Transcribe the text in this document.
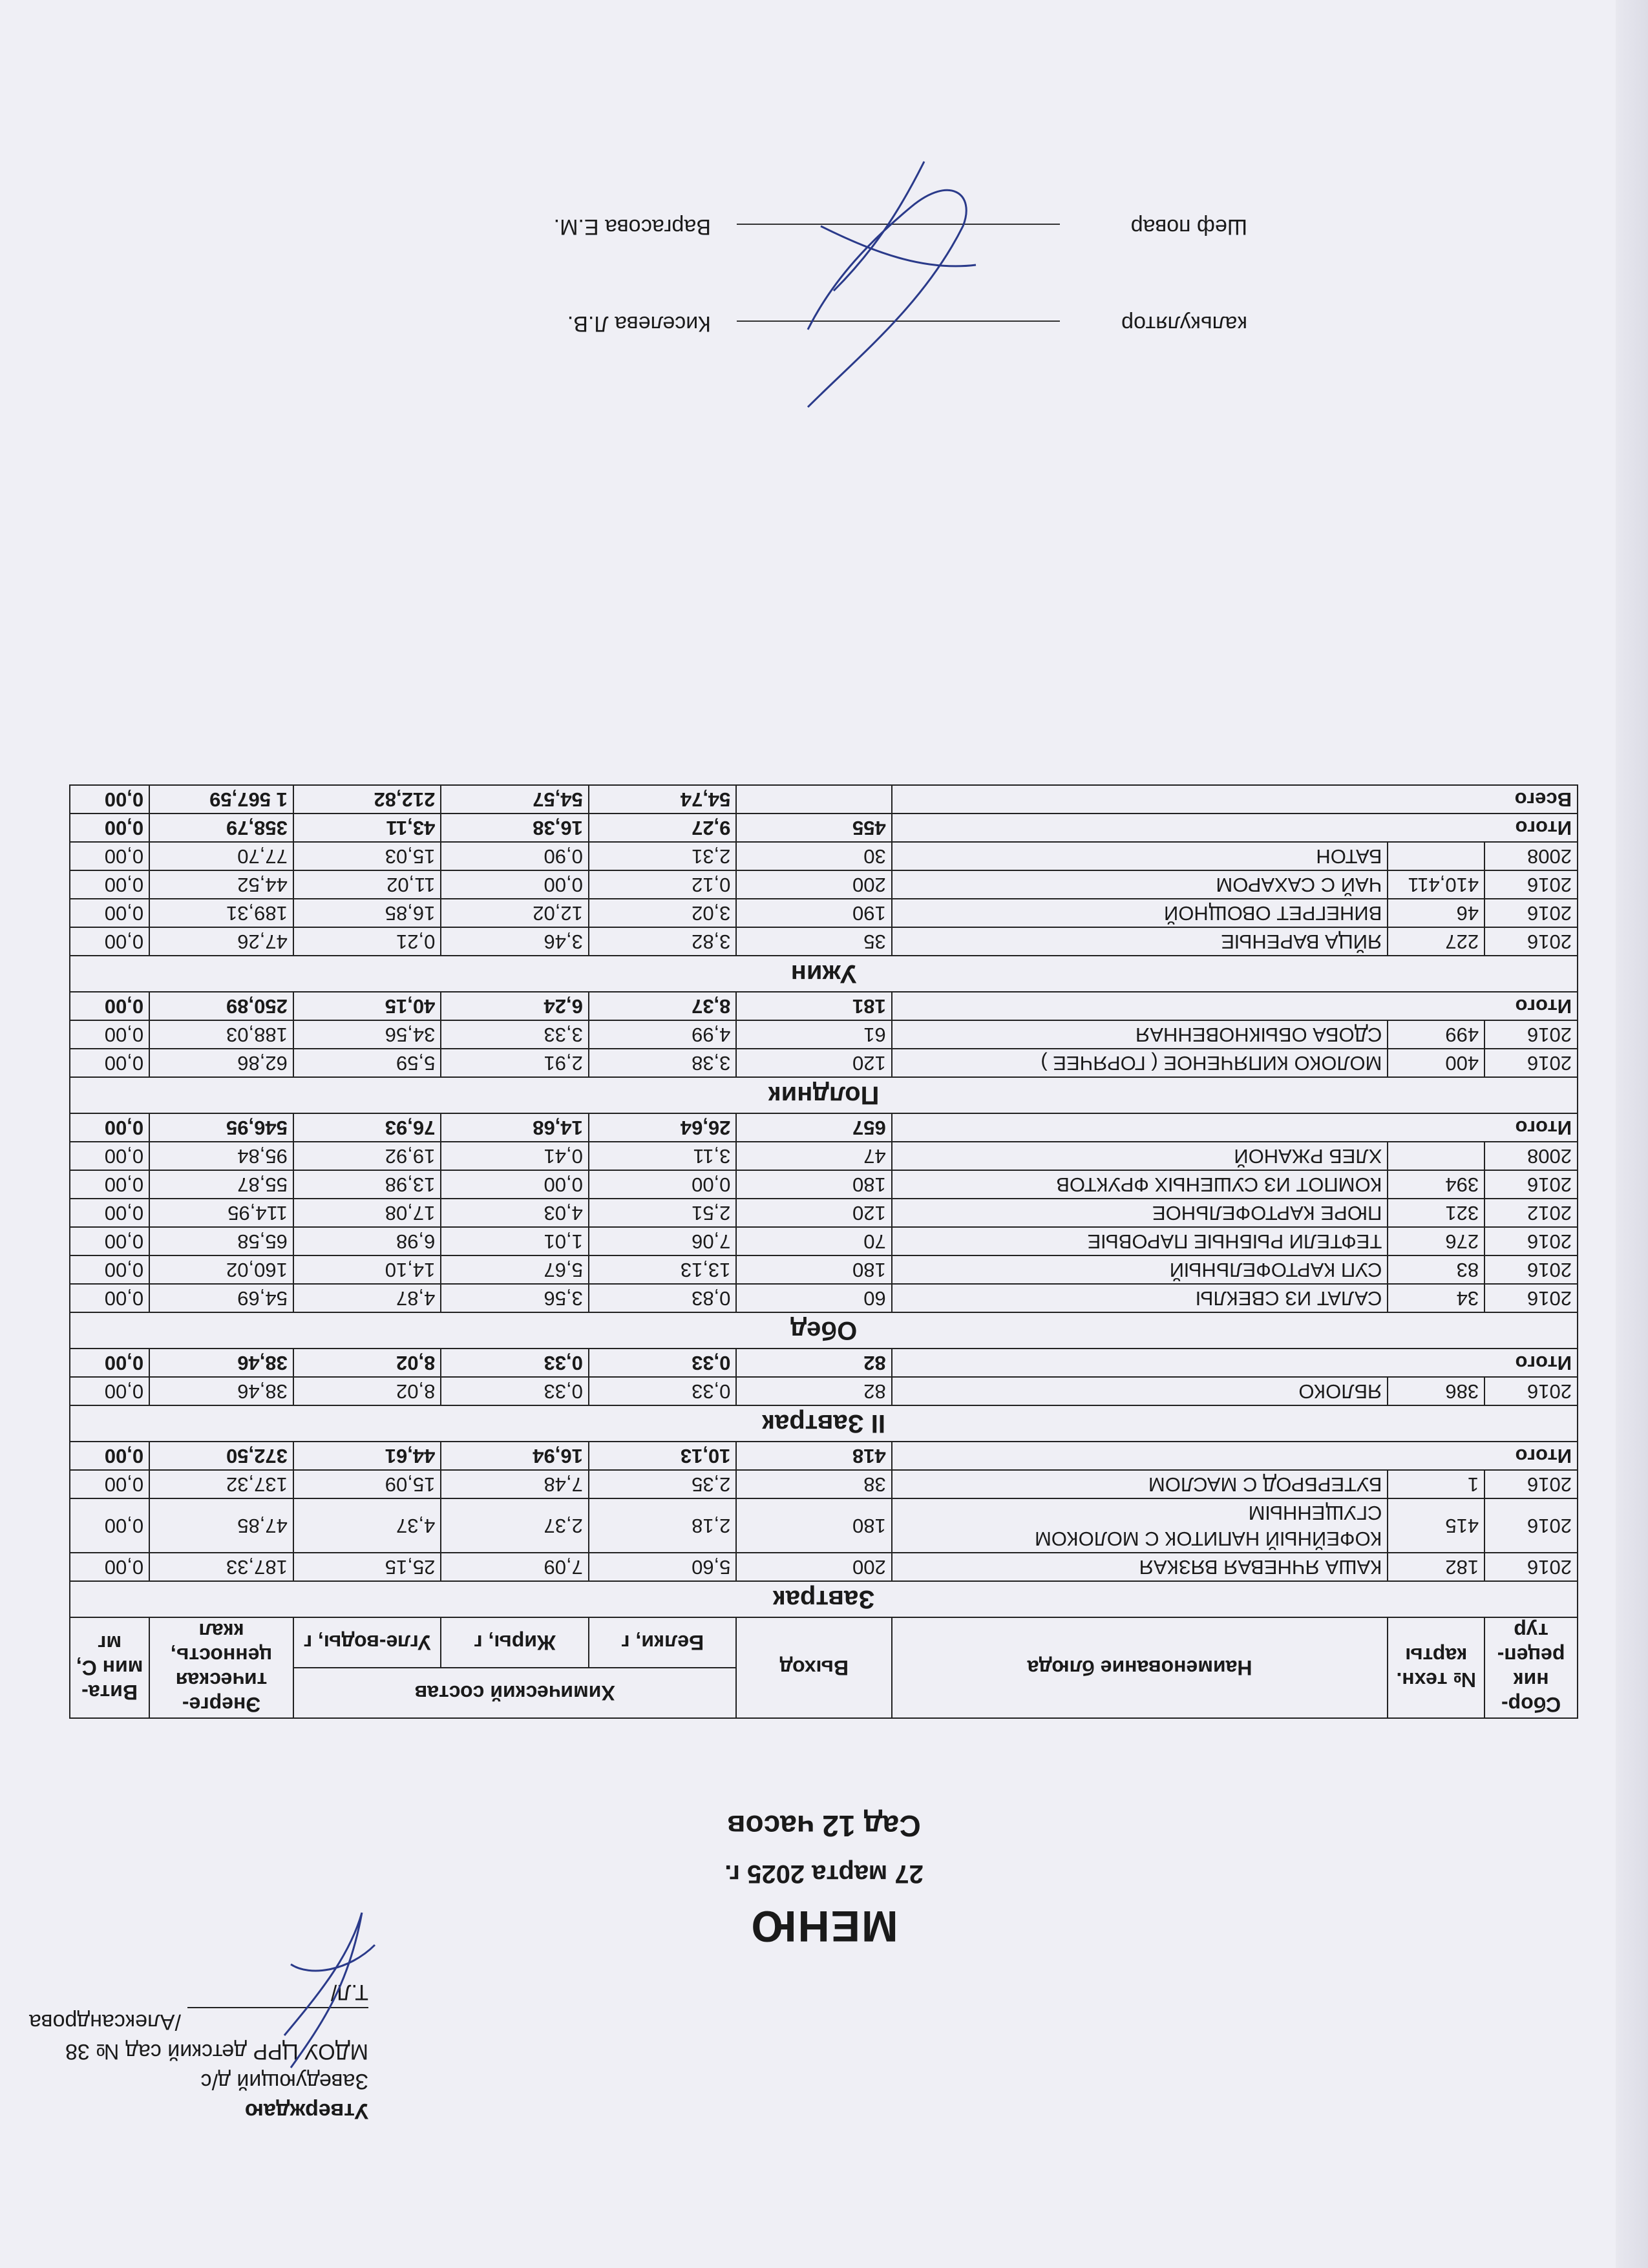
Утверждаю
Заведующий д/с
МДОУ ЦРР детский сад № 38
/Александрова Т.Л/
МЕНЮ
27 марта 2025 г.
Сад 12 часов
Сбор-ник рецеп-тур	№ техн. карты	Наименование блюда	Выход	Химический состав			Энерге-тическая ценность, ккал	Вита-мин С, мг
				Белки, г	Жиры, г	Угле-воды, г		
Завтрак								
2016	182	КАША ЯЧНЕВАЯ ВЯЗКАЯ	200	5,60	7,09	25,15	187,33	0,00
2016	415	КОФЕЙНЫЙ НАПИТОК С МОЛОКОМ СГУЩЕННЫМ	180	2,18	2,37	4,37	47,85	0,00
2016	1	БУТЕРБРОД С МАСЛОМ	38	2,35	7,48	15,09	137,32	0,00
Итого			418	10,13	16,94	44,61	372,50	0,00
II Завтрак								
2016	386	ЯБЛОКО	82	0,33	0,33	8,02	38,46	0,00
Итого			82	0,33	0,33	8,02	38,46	0,00
Обед								
2016	34	САЛАТ ИЗ СВЕКЛЫ	60	0,83	3,56	4,87	54,69	0,00
2016	83	СУП КАРТОФЕЛЬНЫЙ	180	13,13	5,67	14,10	160,02	0,00
2016	276	ТЕФТЕЛИ РЫБНЫЕ ПАРОВЫЕ	70	7,06	1,01	6,98	65,58	0,00
2012	321	ПЮРЕ КАРТОФЕЛЬНОЕ	120	2,51	4,03	17,08	114,95	0,00
2016	394	КОМПОТ ИЗ СУШЕНЫХ ФРУКТОВ	180	0,00	0,00	13,98	55,87	0,00
2008		ХЛЕБ РЖАНОЙ	47	3,11	0,41	19,92	95,84	0,00
Итого			657	26,64	14,68	76,93	546,95	0,00
Полдник								
2016	400	МОЛОКО КИПЯЧЕНОЕ ( ГОРЯЧЕЕ )	120	3,38	2,91	5,59	62,86	0,00
2016	499	СДОБА ОБЫКНОВЕННАЯ	61	4,99	3,33	34,56	188,03	0,00
Итого			181	8,37	6,24	40,15	250,89	0,00
Ужин								
2016	227	ЯЙЦА ВАРЕНЫЕ	35	3,82	3,46	0,21	47,26	0,00
2016	46	ВИНЕГРЕТ ОВОЩНОЙ	190	3,02	12,02	16,85	189,31	0,00
2016	410,411	ЧАЙ С САХАРОМ	200	0,12	0,00	11,02	44,52	0,00
2008		БАТОН	30	2,31	0,90	15,03	77,70	0,00
Итого			455	9,27	16,38	43,11	358,79	0,00
Всего				54,74	54,57	212,82	1 567,59	0,00
калькулятор
Киселева Л.В.
Шеф повар
Варгасова Е.М.
